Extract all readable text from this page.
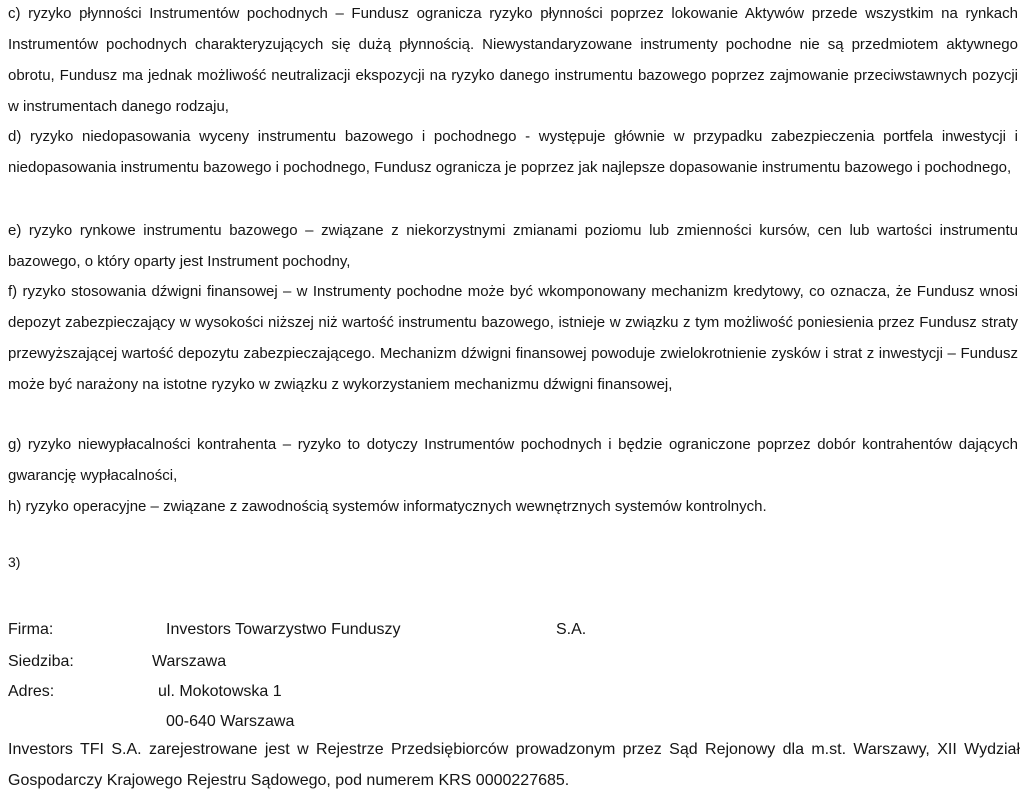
c) ryzyko płynności Instrumentów pochodnych – Fundusz ogranicza ryzyko płynności poprzez lokowanie Aktywów przede wszystkim na rynkach Instrumentów pochodnych charakteryzujących się dużą płynnością. Niewystandaryzowane instrumenty pochodne nie są przedmiotem aktywnego obrotu, Fundusz ma jednak możliwość neutralizacji ekspozycji na ryzyko danego instrumentu bazowego poprzez zajmowanie przeciwstawnych pozycji w instrumentach danego rodzaju,

d) ryzyko niedopasowania wyceny instrumentu bazowego i pochodnego - występuje głównie w przypadku zabezpieczenia portfela inwestycji i niedopasowania instrumentu bazowego i pochodnego, Fundusz ogranicza je poprzez jak najlepsze dopasowanie instrumentu bazowego i pochodnego,

e) ryzyko rynkowe instrumentu bazowego – związane z niekorzystnymi zmianami poziomu lub zmienności kursów, cen lub wartości instrumentu bazowego, o który oparty jest Instrument pochodny,

f) ryzyko stosowania dźwigni finansowej – w Instrumenty pochodne może być wkomponowany mechanizm kredytowy, co oznacza, że Fundusz wnosi depozyt zabezpieczający w wysokości niższej niż wartość instrumentu bazowego, istnieje w związku z tym możliwość poniesienia przez Fundusz straty przewyższającej wartość depozytu zabezpieczającego. Mechanizm dźwigni finansowej powoduje zwielokrotnienie zysków i strat z inwestycji – Fundusz może być narażony na istotne ryzyko w związku z wykorzystaniem mechanizmu dźwigni finansowej,

g) ryzyko niewypłacalności kontrahenta – ryzyko to dotyczy Instrumentów pochodnych i będzie ograniczone poprzez dobór kontrahentów dających gwarancję wypłacalności,

h) ryzyko operacyjne – związane z zawodnością systemów informatycznych wewnętrznych systemów kontrolnych.

3)
Firma:	Investors Towarzystwo Funduszy	S.A.
Siedziba:	Warszawa
Adres:	ul. Mokotowska 1
00-640 Warszawa

Investors TFI S.A. zarejestrowane jest w Rejestrze Przedsiębiorców prowadzonym przez Sąd Rejonowy dla m.st. Warszawy, XII Wydział Gospodarczy Krajowego Rejestru Sądowego, pod numerem KRS 0000227685.
